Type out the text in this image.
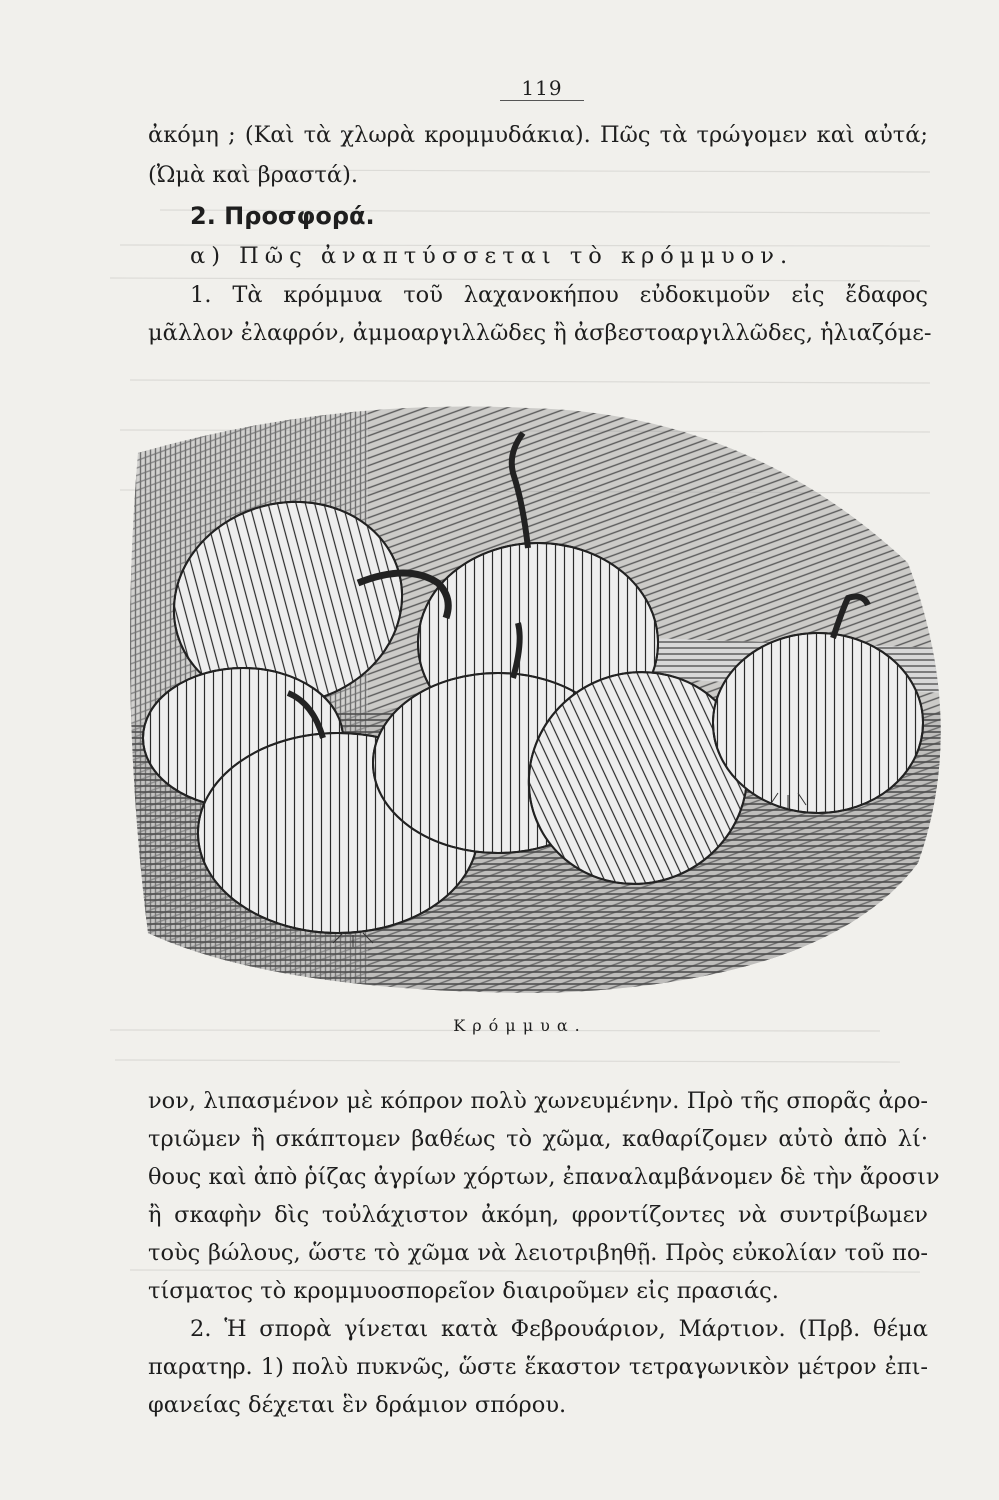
119
ἀκόμη ; (Καὶ τὰ χλωρὰ κρομμυδάκια). Πῶς τὰ τρώγομεν καὶ αὐτά;
(Ὠμὰ καὶ βραστά).
2. Προσφορά.
α) Πῶς ἀναπτύσσεται τὸ κρόμμυον.
1. Τὰ κρόμμυα τοῦ λαχανοκήπου εὐδοκιμοῦν εἰς ἔδαφος
μᾶλλον ἐλαφρόν, ἀμμοαργιλλῶδες ἢ ἀσβεστοαργιλλῶδες, ἡλιαζόμε-
Κρόμμυα.
νον, λιπασμένον μὲ κόπρον πολὺ χωνευμένην. Πρὸ τῆς σπορᾶς ἀρο-
τριῶμεν ἢ σκάπτομεν βαθέως τὸ χῶμα, καθαρίζομεν αὐτὸ ἀπὸ λί·
θους καὶ ἀπὸ ῥίζας ἀγρίων χόρτων, ἐπαναλαμβάνομεν δὲ τὴν ἄροσιν
ἢ σκαφὴν δὶς τοὐλάχιστον ἀκόμη, φροντίζοντες νὰ συντρίβωμεν
τοὺς βώλους, ὥστε τὸ χῶμα νὰ λειοτριβηθῇ. Πρὸς εὐκολίαν τοῦ πο-
τίσματος τὸ κρομμυοσπορεῖον διαιροῦμεν εἰς πρασιάς.
2. Ἡ σπορὰ γίνεται κατὰ Φεβρουάριον, Μάρτιον. (Πρβ. θέμα
παρατηρ. 1) πολὺ πυκνῶς, ὥστε ἕκαστον τετραγωνικὸν μέτρον ἐπι-
φανείας δέχεται ἓν δράμιον σπόρου.
